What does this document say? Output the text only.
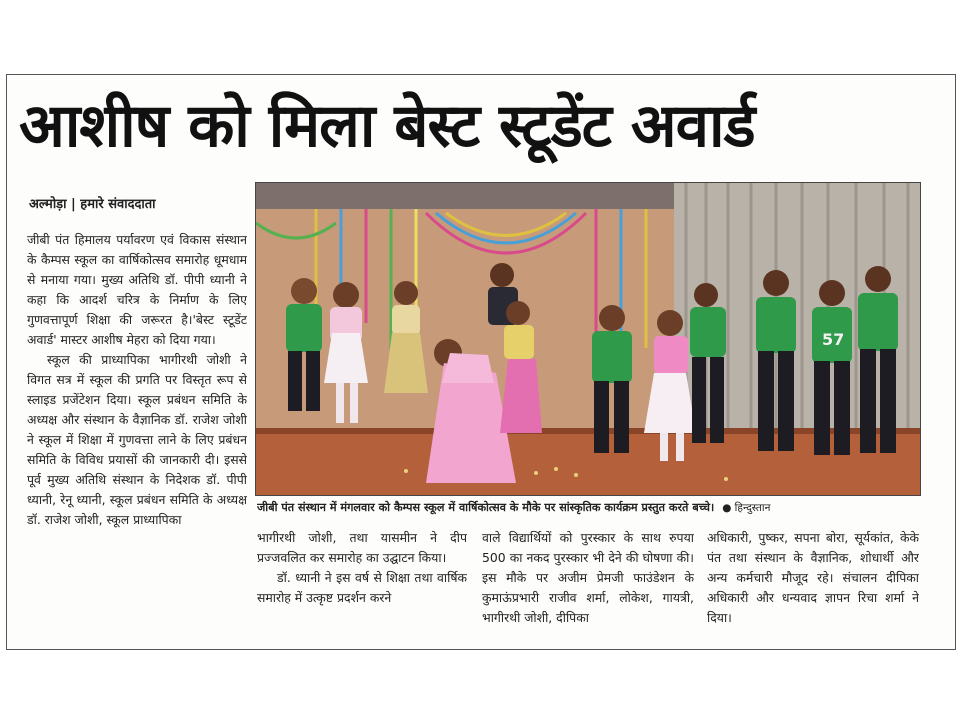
आशीष को मिला बेस्ट स्टूडेंट अवार्ड
अल्मोड़ा | हमारे संवाददाता

जीबी पंत हिमालय पर्यावरण एवं विकास संस्थान के कैम्पस स्कूल का वार्षिकोत्सव समारोह धूमधाम से मनाया गया। मुख्य अतिथि डॉ. पीपी ध्यानी ने कहा कि आदर्श चरित्र के निर्माण के लिए गुणवत्तापूर्ण शिक्षा की जरूरत है।'बेस्ट स्टूडेंट अवार्ड' मास्टर आशीष मेहरा को दिया गया।

स्कूल की प्राध्यापिका भागीरथी जोशी ने विगत सत्र में स्कूल की प्रगति पर विस्तृत रूप से स्लाइड प्रजेंटेशन दिया। स्कूल प्रबंधन समिति के अध्यक्ष और संस्थान के वैज्ञानिक डॉ. राजेश जोशी ने स्कूल में शिक्षा में गुणवत्ता लाने के लिए प्रबंधन समिति के विविध प्रयासों की जानकारी दी। इससे पूर्व मुख्य अतिथि संस्थान के निदेशक डॉ. पीपी ध्यानी, रेनू ध्यानी, स्कूल प्रबंधन समिति के अध्यक्ष डॉ. राजेश जोशी, स्कूल प्राध्यापिका

57
जीबी पंत संस्थान में मंगलवार को कैम्पस स्कूल में वार्षिकोत्सव के मौके पर सांस्कृतिक कार्यक्रम प्रस्तुत करते बच्चे। ● हिन्दुस्तान

भागीरथी जोशी, तथा यासमीन ने दीप प्रज्जवलित कर समारोह का उद्घाटन किया।

डॉ. ध्यानी ने इस वर्ष से शिक्षा तथा वार्षिक समारोह में उत्कृष्ट प्रदर्शन करने

वाले विद्यार्थियों को पुरस्कार के साथ रुपया 500 का नकद पुरस्कार भी देने की घोषणा की। इस मौके पर अजीम प्रेमजी फाउंडेशन के कुमाऊंप्रभारी राजीव शर्मा, लोकेश, गायत्री, भागीरथी जोशी, दीपिका

अधिकारी, पुष्कर, सपना बोरा, सूर्यकांत, केके पंत तथा संस्थान के वैज्ञानिक, शोधार्थी और अन्य कर्मचारी मौजूद रहे। संचालन दीपिका अधिकारी और धन्यवाद ज्ञापन रिचा शर्मा ने दिया।
